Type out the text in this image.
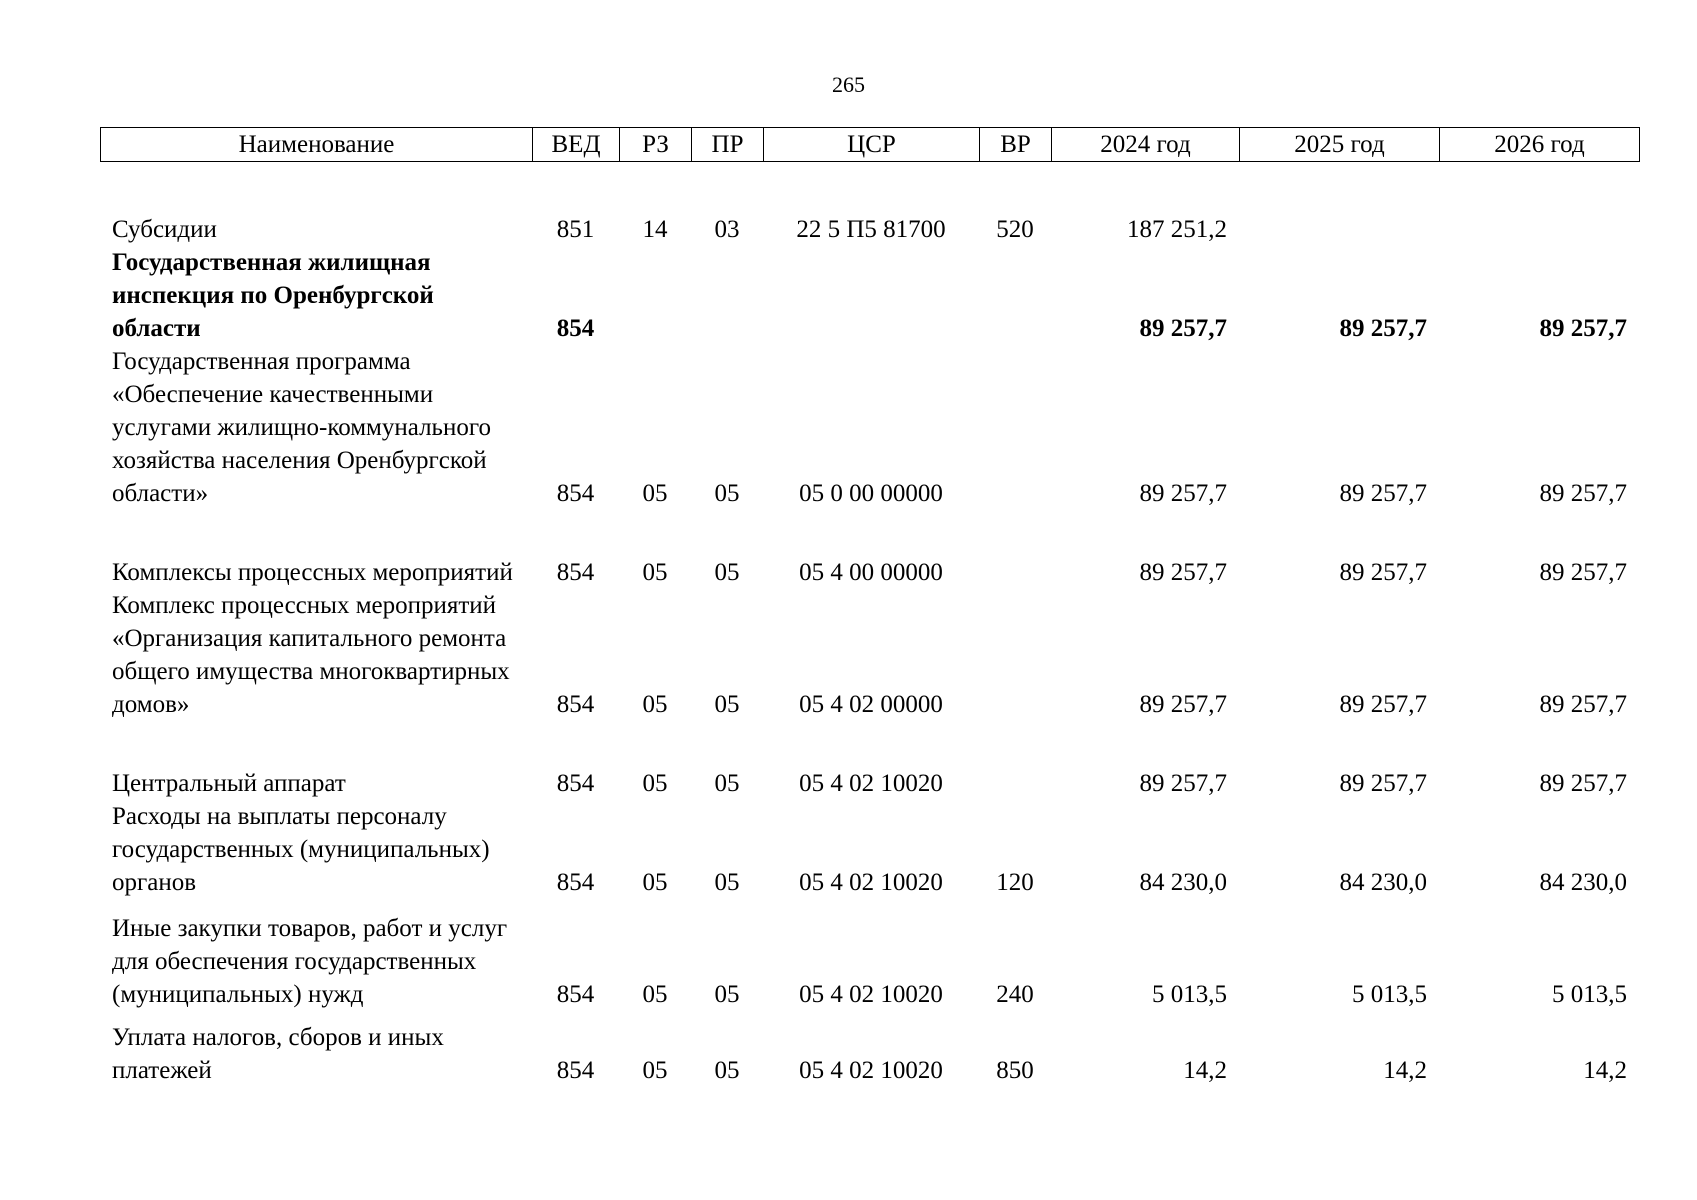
265
Наименование	ВЕД	РЗ	ПР	ЦСР	ВР	2024 год	2025 год	2026 год
Субсидии	851	14	03	22 5 П5 81700	520	187 251,2		
Государственная жилищная инспекция по Оренбургской области	854					89 257,7	89 257,7	89 257,7
Государственная программа «Обеспечение качественными услугами жилищно-коммунального хозяйства населения Оренбургской области»	854	05	05	05 0 00 00000		89 257,7	89 257,7	89 257,7
Комплексы процессных мероприятий	854	05	05	05 4 00 00000		89 257,7	89 257,7	89 257,7
Комплекс процессных мероприятий «Организация капитального ремонта общего имущества многоквартирных домов»	854	05	05	05 4 02 00000		89 257,7	89 257,7	89 257,7
Центральный аппарат	854	05	05	05 4 02 10020		89 257,7	89 257,7	89 257,7
Расходы на выплаты персоналу государственных (муниципальных) органов	854	05	05	05 4 02 10020	120	84 230,0	84 230,0	84 230,0
Иные закупки товаров, работ и услуг для обеспечения государственных (муниципальных) нужд	854	05	05	05 4 02 10020	240	5 013,5	5 013,5	5 013,5
Уплата налогов, сборов и иных платежей	854	05	05	05 4 02 10020	850	14,2	14,2	14,2
